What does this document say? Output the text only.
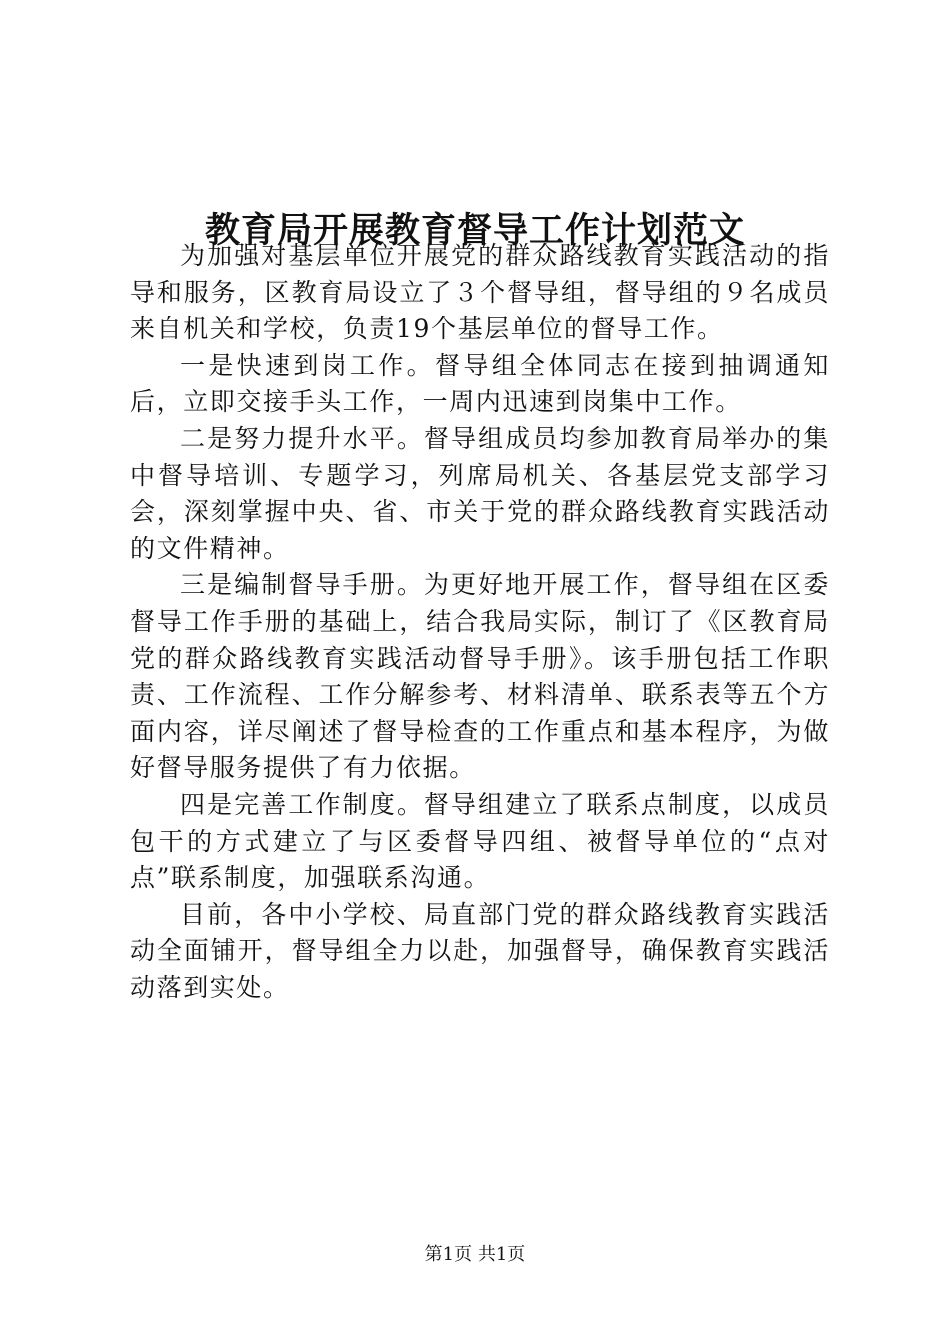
教育局开展教育督导工作计划范文

为加强对基层单位开展党的群众路线教育实践活动的指导和服务，区教育局设立了３个督导组，督导组的９名成员来自机关和学校，负责19个基层单位的督导工作。

一是快速到岗工作。督导组全体同志在接到抽调通知后，立即交接手头工作，一周内迅速到岗集中工作。

二是努力提升水平。督导组成员均参加教育局举办的集中督导培训、专题学习，列席局机关、各基层党支部学习会，深刻掌握中央、省、市关于党的群众路线教育实践活动的文件精神。

三是编制督导手册。为更好地开展工作，督导组在区委督导工作手册的基础上，结合我局实际，制订了《区教育局党的群众路线教育实践活动督导手册》。该手册包括工作职责、工作流程、工作分解参考、材料清单、联系表等五个方面内容，详尽阐述了督导检查的工作重点和基本程序，为做好督导服务提供了有力依据。

四是完善工作制度。督导组建立了联系点制度，以成员包干的方式建立了与区委督导四组、被督导单位的“点对点”联系制度，加强联系沟通。

目前，各中小学校、局直部门党的群众路线教育实践活动全面铺开，督导组全力以赴，加强督导，确保教育实践活动落到实处。

第1页 共1页
